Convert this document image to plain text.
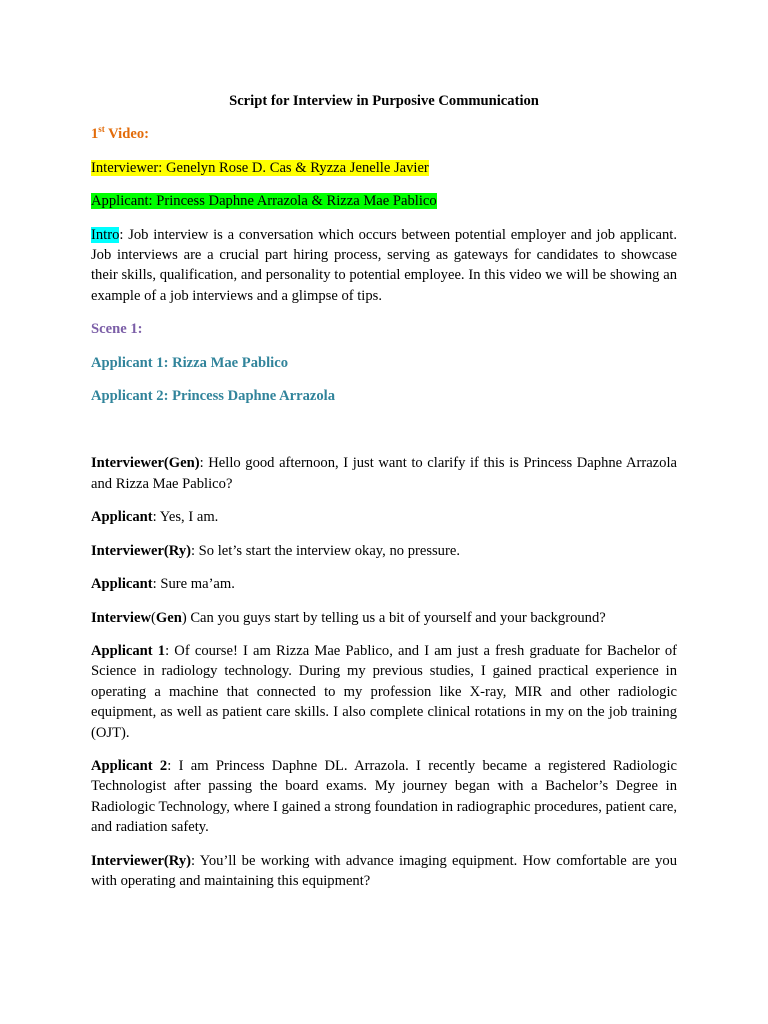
Script for Interview in Purposive Communication

1st Video:

Interviewer: Genelyn Rose D. Cas & Ryzza Jenelle Javier

Applicant: Princess Daphne Arrazola & Rizza Mae Pablico

Intro: Job interview is a conversation which occurs between potential employer and job applicant. Job interviews are a crucial part hiring process, serving as gateways for candidates to showcase their skills, qualification, and personality to potential employee. In this video we will be showing an example of a job interviews and a glimpse of tips.

Scene 1:

Applicant 1: Rizza Mae Pablico

Applicant 2: Princess Daphne Arrazola

Interviewer(Gen): Hello good afternoon, I just want to clarify if this is Princess Daphne Arrazola and Rizza Mae Pablico?

Applicant: Yes, I am.

Interviewer(Ry): So let’s start the interview okay, no pressure.

Applicant: Sure ma’am.

Interview(Gen) Can you guys start by telling us a bit of yourself and your background?

Applicant 1: Of course! I am Rizza Mae Pablico, and I am just a fresh graduate for Bachelor of Science in radiology technology. During my previous studies, I gained practical experience in operating a machine that connected to my profession like X-ray, MIR and other radiologic equipment, as well as patient care skills. I also complete clinical rotations in my on the job training (OJT).

Applicant 2: I am Princess Daphne DL. Arrazola. I recently became a registered Radiologic Technologist after passing the board exams. My journey began with a Bachelor’s Degree in Radiologic Technology, where I gained a strong foundation in radiographic procedures, patient care, and radiation safety.

Interviewer(Ry): You’ll be working with advance imaging equipment. How comfortable are you with operating and maintaining this equipment?
